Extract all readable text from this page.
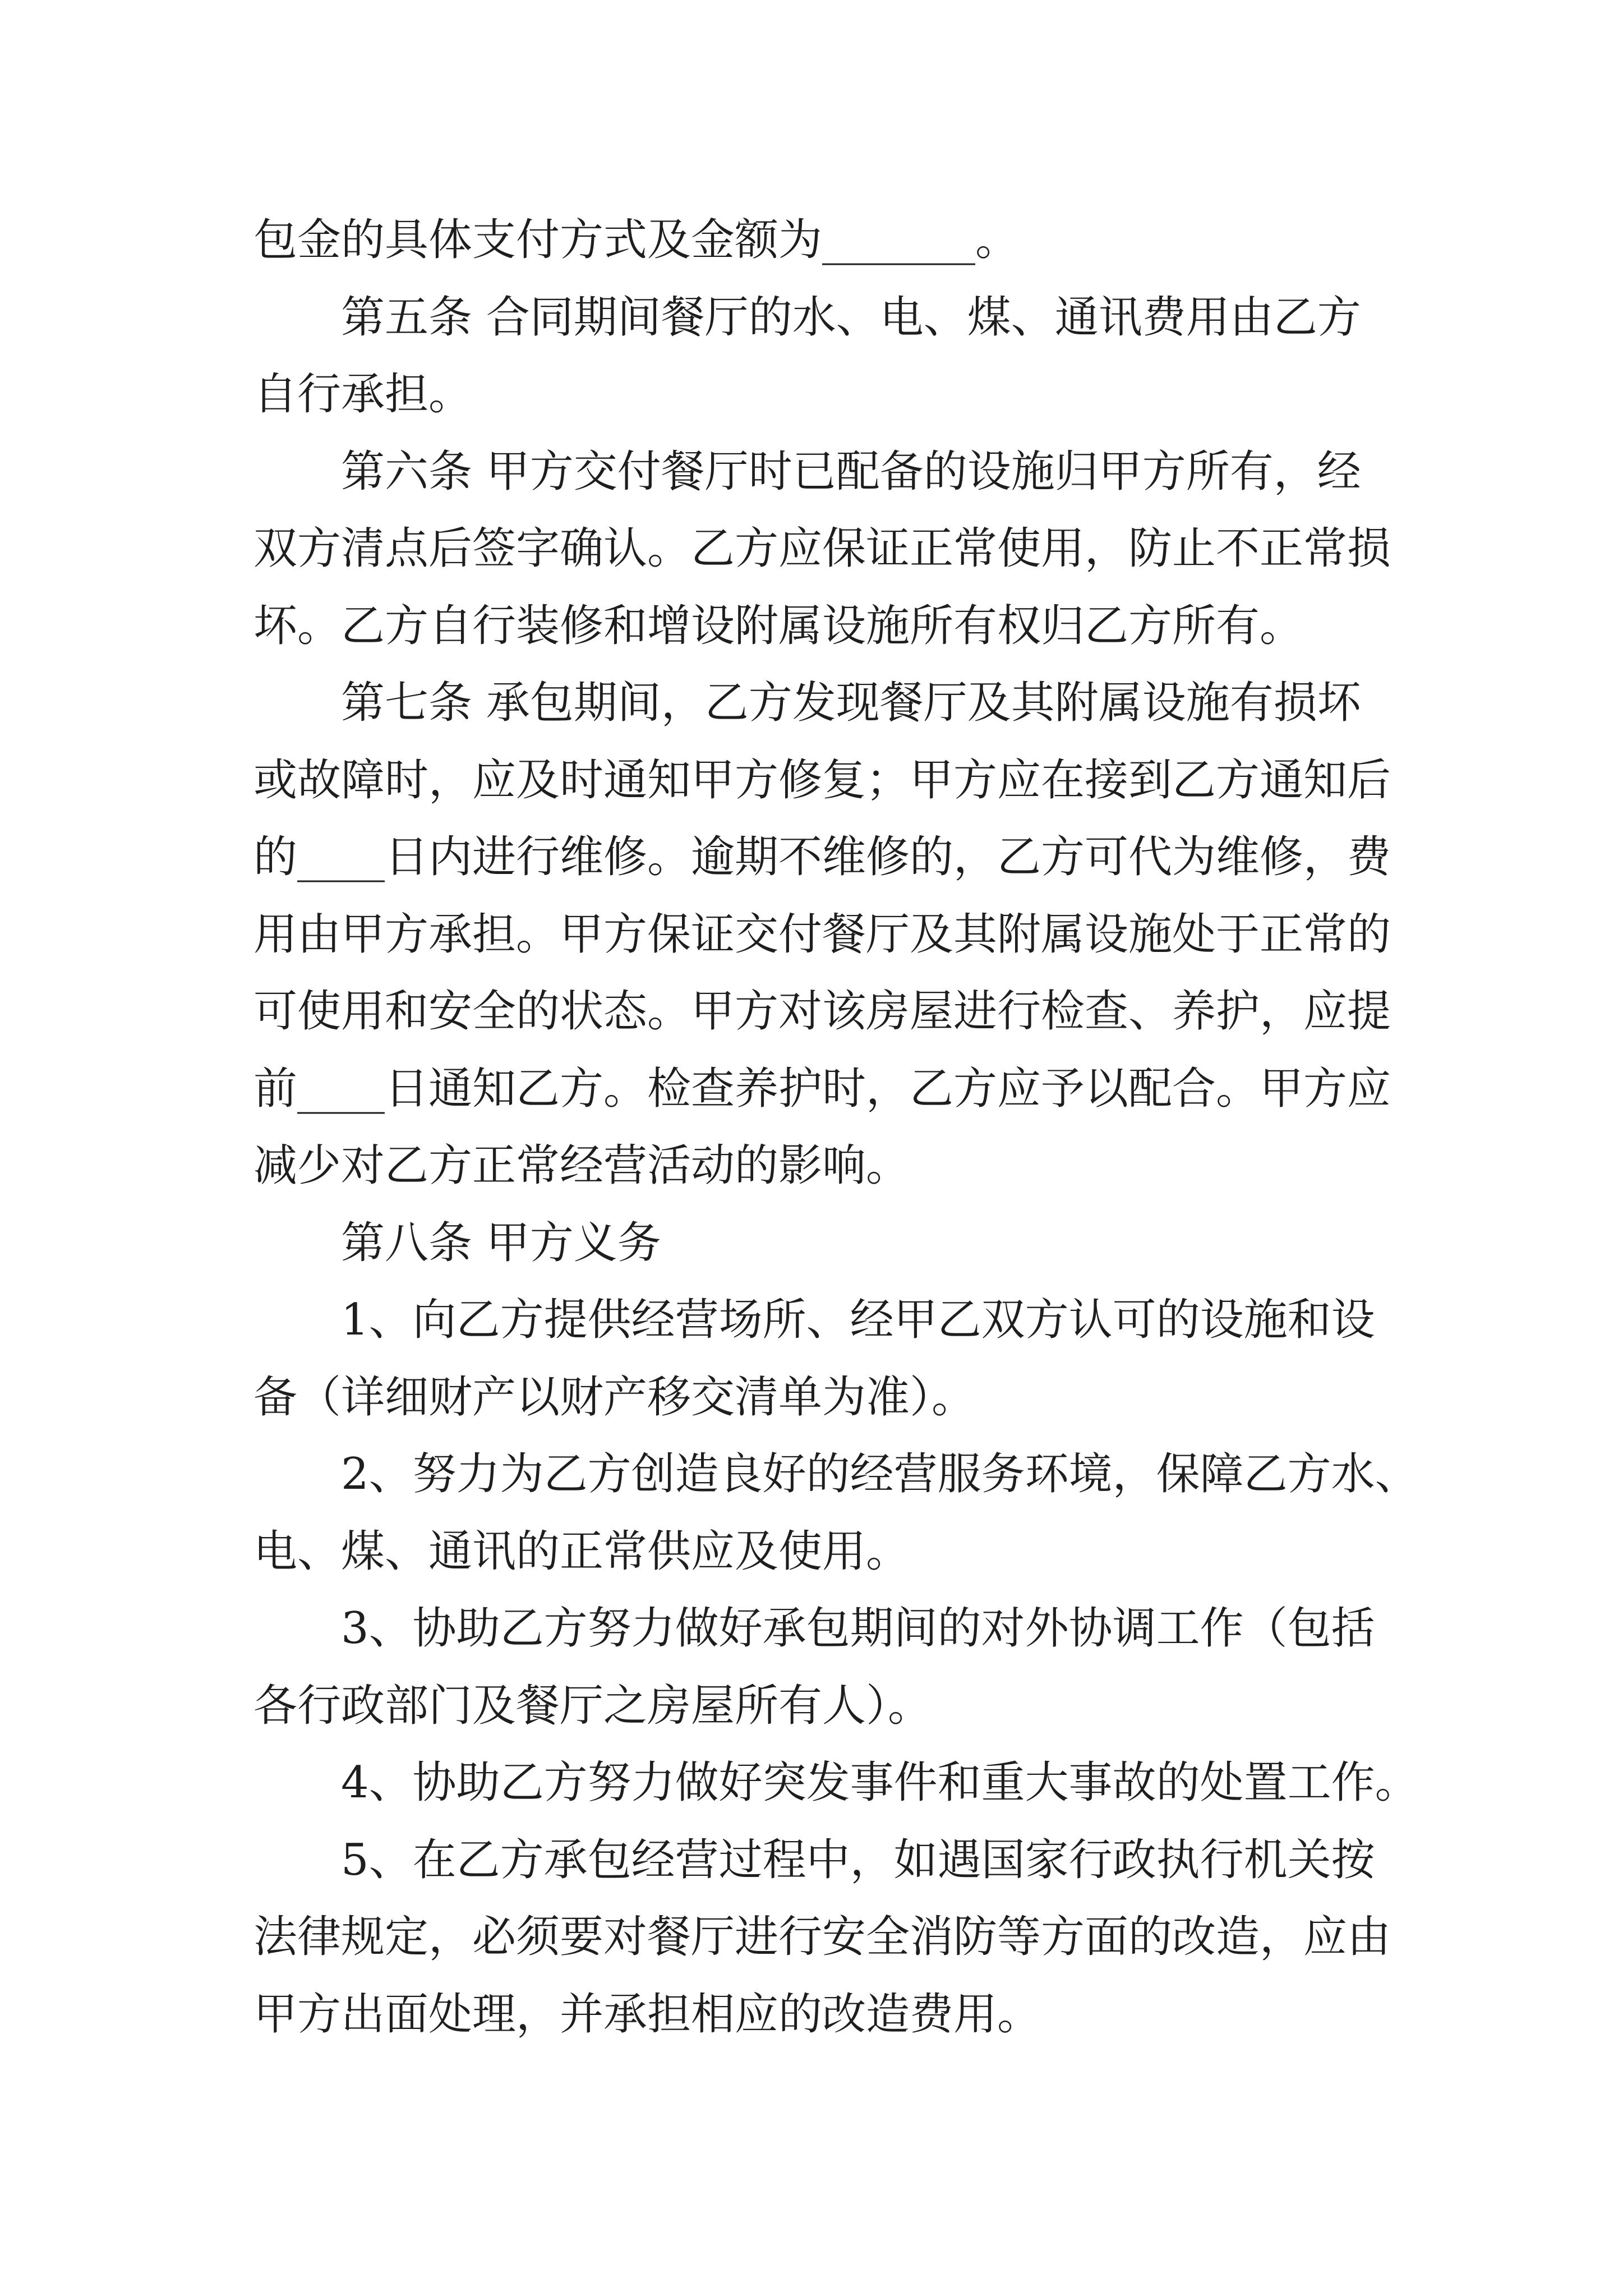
包金的具体支付方式及金额为_______。
第五条 合同期间餐厅的水、电、煤、通讯费用由乙方
自行承担。
第六条 甲方交付餐厅时已配备的设施归甲方所有，经
双方清点后签字确认。乙方应保证正常使用，防止不正常损
坏。乙方自行装修和增设附属设施所有权归乙方所有。
第七条 承包期间，乙方发现餐厅及其附属设施有损坏
或故障时，应及时通知甲方修复；甲方应在接到乙方通知后
的____日内进行维修。逾期不维修的，乙方可代为维修，费
用由甲方承担。甲方保证交付餐厅及其附属设施处于正常的
可使用和安全的状态。甲方对该房屋进行检查、养护，应提
前____日通知乙方。检查养护时，乙方应予以配合。甲方应
减少对乙方正常经营活动的影响。
第八条 甲方义务
1、向乙方提供经营场所、经甲乙双方认可的设施和设
备（详细财产以财产移交清单为准）。
2、努力为乙方创造良好的经营服务环境，保障乙方水、
电、煤、通讯的正常供应及使用。
3、协助乙方努力做好承包期间的对外协调工作（包括
各行政部门及餐厅之房屋所有人）。
4、协助乙方努力做好突发事件和重大事故的处置工作。
5、在乙方承包经营过程中，如遇国家行政执行机关按
法律规定，必须要对餐厅进行安全消防等方面的改造，应由
甲方出面处理，并承担相应的改造费用。
